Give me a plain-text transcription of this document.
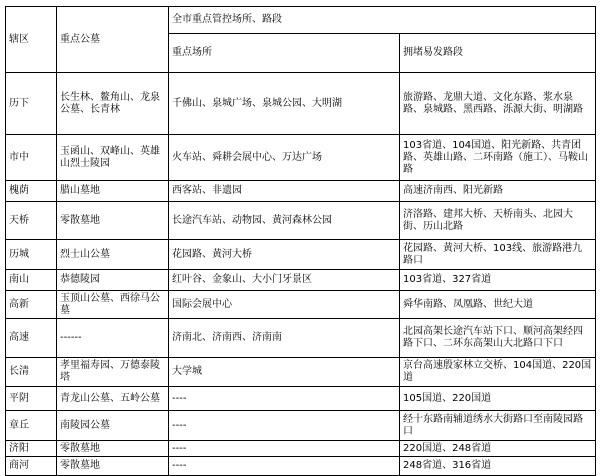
辖区	重点公墓	全市重点管控场所、路段	
		重点场所	拥堵易发路段
历下	长生林、鳌角山、龙泉公墓、长青林	千佛山、泉城广场、泉城公园、大明湖	旅游路、龙鼎大道、文化东路、浆水泉路、泉城路、黑西路、泺源大街、明湖路
市中	玉函山、双峰山、英雄山烈士陵园	火车站、舜耕会展中心、万达广场	103省道、104国道、阳光新路、共青团路、英雄山路、二环南路（施工）、马鞍山路
槐荫	腊山墓地	西客站、非遗园	高速济南西、阳光新路
天桥	零散墓地	长途汽车站、动物园、黄河森林公园	济洛路、建邦大桥、天桥南头、北园大街、历山北路
历城	烈士山公墓	花园路、黄河大桥	花园路、黄河大桥、103线、旅游路港九路口
南山	恭德陵园	红叶谷、金象山、大小门牙景区	103省道、327省道
高新	玉顶山公墓、西徐马公墓	国际会展中心	舜华南路、凤凰路、世纪大道
高速	------	济南北、济南西、济南南	北园高架长途汽车站下口、顺河高架经四路下口、二环东高架山大北路口下口
长清	孝里福寿园、万德泰陵塔	大学城	京台高速殷家林立交桥、104国道、220国道
平阴	青龙山公墓、五岭公墓	----	105国道、220国道
章丘	南陵园公墓	----	经十东路南辅道绣水大街路口至南陵园路口
济阳	零散墓地	----	220国道、248省道
商河	零散墓地	----	248省道、316省道
